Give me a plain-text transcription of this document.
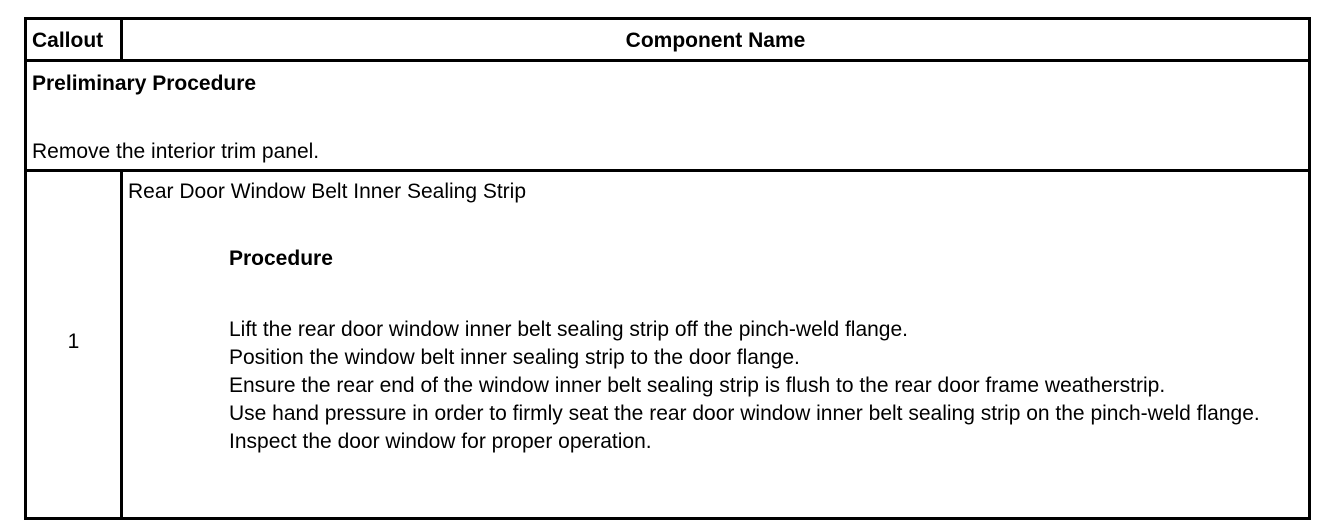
Callout	Component Name
Preliminary Procedure
Remove the interior trim panel.
1
Rear Door Window Belt Inner Sealing Strip
Procedure
Lift the rear door window inner belt sealing strip off the pinch-weld flange.
Position the window belt inner sealing strip to the door flange.
Ensure the rear end of the window inner belt sealing strip is flush to the rear door frame weatherstrip.
Use hand pressure in order to firmly seat the rear door window inner belt sealing strip on the pinch-weld flange.
Inspect the door window for proper operation.
